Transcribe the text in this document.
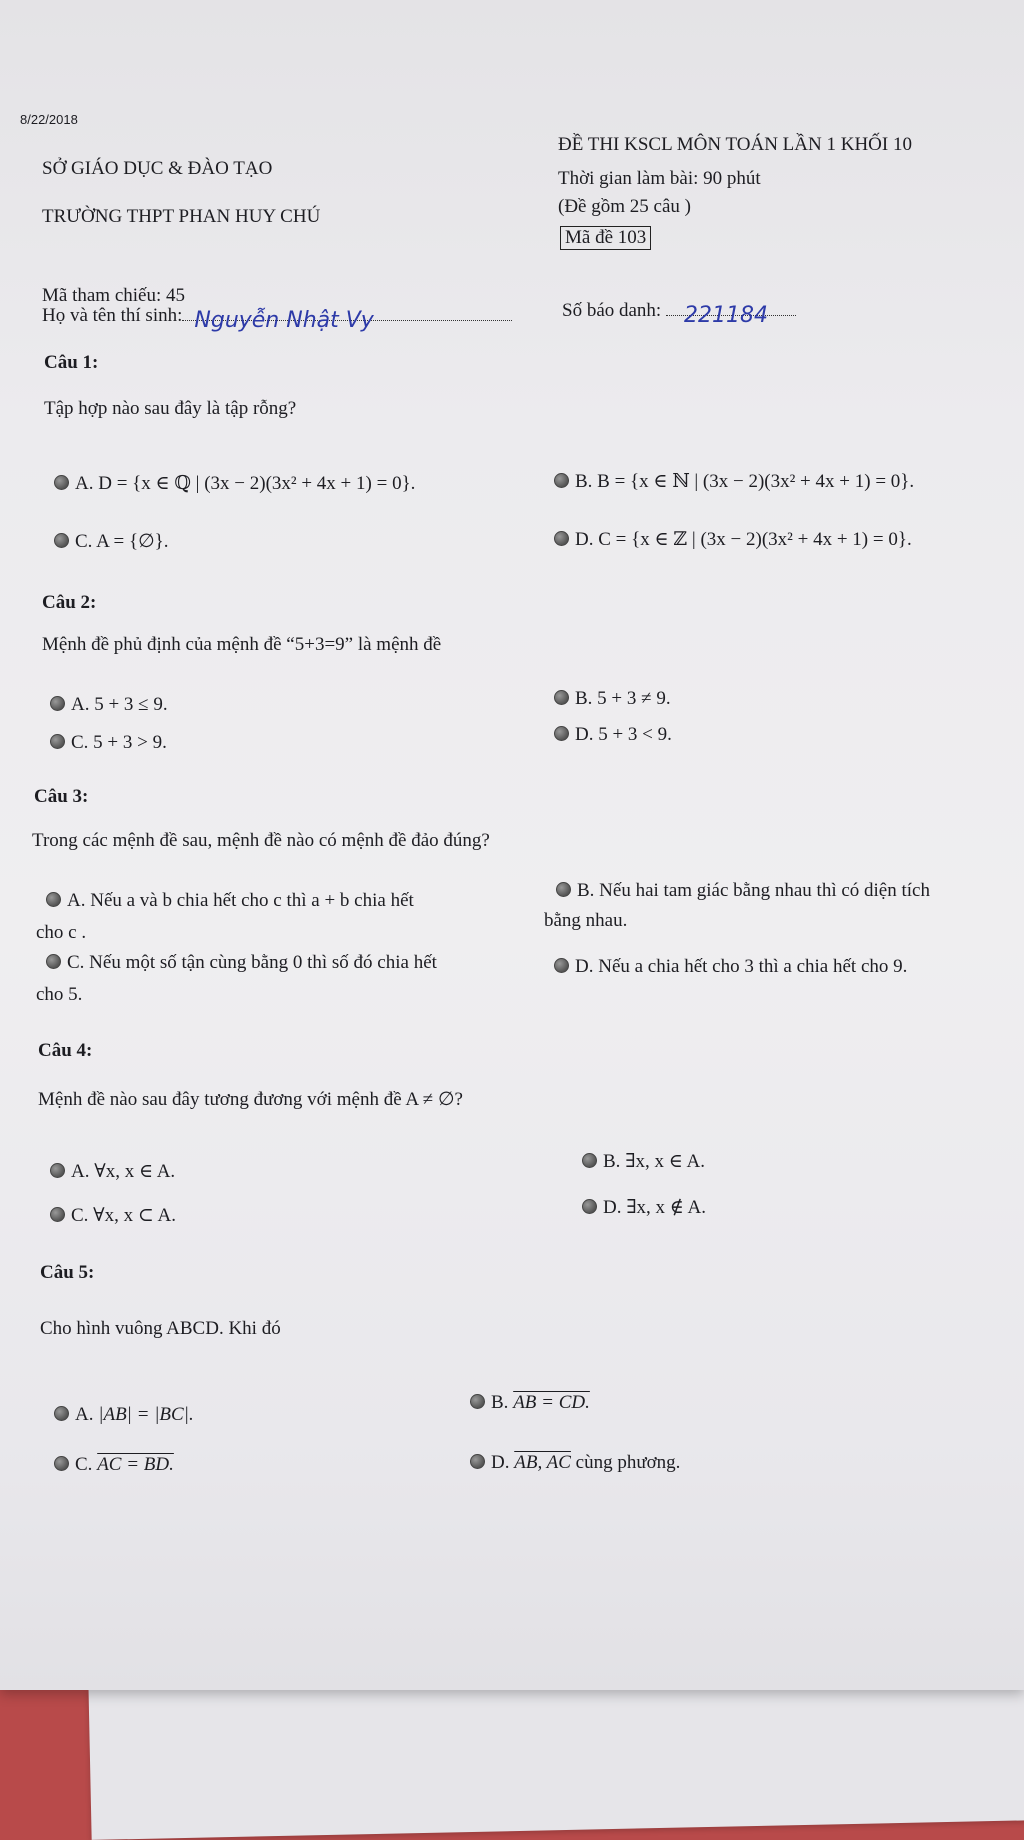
8/22/2018
SỞ GIÁO DỤC & ĐÀO TẠO
TRƯỜNG THPT PHAN HUY CHÚ
ĐỀ THI KSCL MÔN TOÁN LẦN 1 KHỐI 10
Thời gian làm bài: 90 phút
(Đề gồm 25 câu )
Mã đề 103
Mã tham chiếu: 45
Họ và tên thí sinh: Nguyễn Nhật Vy	Số báo danh: 221184
Câu 1:
Tập hợp nào sau đây là tập rỗng?
A. D = {x ∈ ℚ | (3x − 2)(3x² + 4x + 1) = 0}.	B. B = {x ∈ ℕ | (3x − 2)(3x² + 4x + 1) = 0}.
C. A = {∅}.	D. C = {x ∈ ℤ | (3x − 2)(3x² + 4x + 1) = 0}.
Câu 2:
Mệnh đề phủ định của mệnh đề “5+3=9” là mệnh đề
A. 5 + 3 ≤ 9.	B. 5 + 3 ≠ 9.
C. 5 + 3 > 9.	D. 5 + 3 < 9.
Câu 3:
Trong các mệnh đề sau, mệnh đề nào có mệnh đề đảo đúng?
A. Nếu a và b chia hết cho c thì a + b chia hết
cho c .
B. Nếu hai tam giác bằng nhau thì có diện tích
bằng nhau.
C. Nếu một số tận cùng bằng 0 thì số đó chia hết
cho 5.
D. Nếu a chia hết cho 3 thì a chia hết cho 9.
Câu 4:
Mệnh đề nào sau đây tương đương với mệnh đề A ≠ ∅?
A. ∀x, x ∈ A.	B. ∃x, x ∈ A.
C. ∀x, x ⊂ A.	D. ∃x, x ∉ A.
Câu 5:
Cho hình vuông ABCD. Khi đó
A. |AB| = |BC|.
B. AB = CD.
C. AC = BD.	D. AB, AC cùng phương.
